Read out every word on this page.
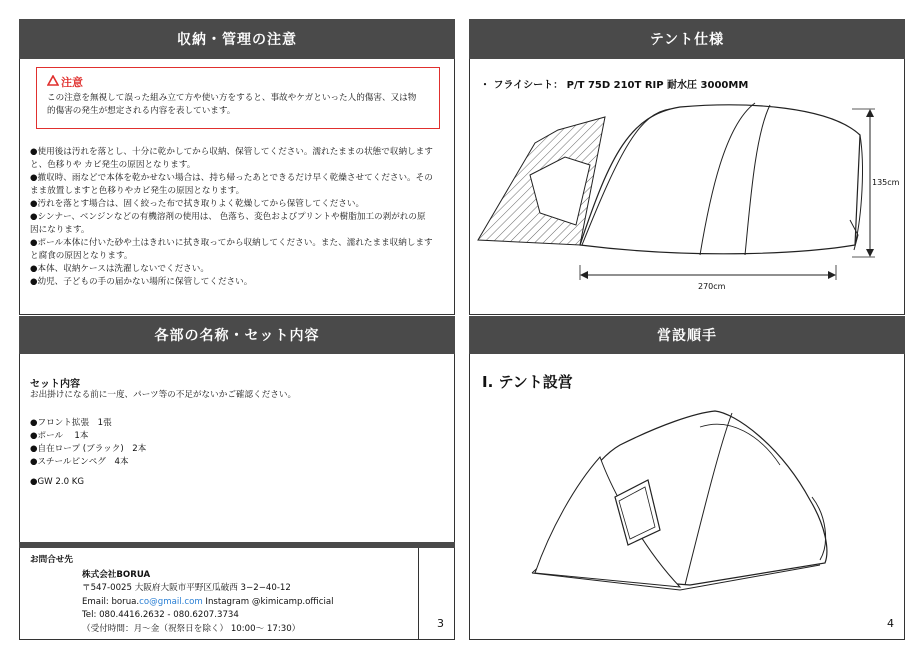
収納・管理の注意
注意
この注意を無視して誤った組み立て方や使い方をすると、事故やケガといった人的傷害、又は物
的傷害の発生が想定される内容を表しています。
●使用後は汚れを落とし、十分に乾かしてから収納、保管してください。濡れたままの状態で収納します
と、色移りや カビ発生の原因となります。
●撤収時、雨などで本体を乾かせない場合は、持ち帰ったあとできるだけ早く乾燥させてください。その
まま放置しますと色移りやカビ発生の原因となります。
●汚れを落とす場合は、固く絞った布で拭き取りよく乾燥してから保管してください。
●シンナー、ベンジンなどの有機溶剤の使用は、 色落ち、変色およびプリントや樹脂加工の剥がれの原
因になります。
●ポール本体に付いた砂や土はきれいに拭き取ってから収納してください。また、濡れたまま収納します
と腐食の原因となります。
●本体、収納ケースは洗濯しないでください。
●幼児、子どもの手の届かない場所に保管してください。
各部の名称・セット内容
セット内容
お出掛けになる前に一度、パーツ等の不足がないかご確認ください。
●フロント拡張　1張
●ポール　 1本
●自在ロープ (ブラック)　2本
●スチールピンペグ　4本
●GW 2.0 KG
お問合せ先
株式会社BORUA
〒547-0025 大阪府大阪市平野区瓜破西 3−2−40-12
Email: borua.co@gmail.com Instagram @kimicamp.official
Tel: 080.4416.2632 - 080.6207.3734
（受付時間：月〜金（祝祭日を除く） 10:00〜 17:30）	3
テント仕様
・ フライシート： P/T 75D 210T RIP 耐水圧 3000MM
135cm
270cm
営設順手
I. テント設営
4
